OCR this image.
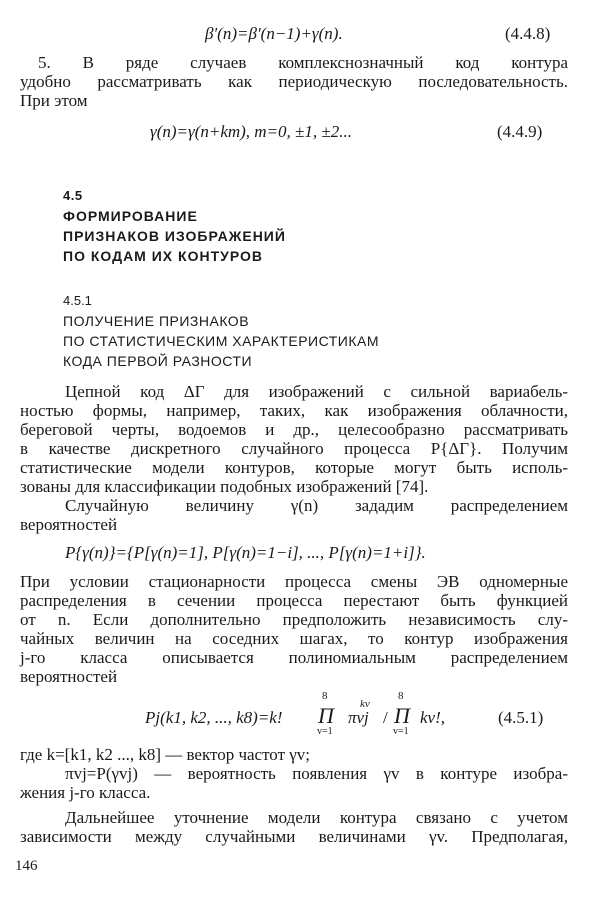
β′(n)=β′(n−1)+γ(n).	(4.4.8)
5. В ряде случаев комплекснозначный код контура
удобно рассматривать как периодическую последовательность.
При этом
γ(n)=γ(n+km), m=0, ±1, ±2...	(4.4.9)
4.5
ФОРМИРОВАНИЕ
ПРИЗНАКОВ ИЗОБРАЖЕНИЙ
ПО КОДАМ ИХ КОНТУРОВ
4.5.1
ПОЛУЧЕНИЕ ПРИЗНАКОВ
ПО СТАТИСТИЧЕСКИМ ХАРАКТЕРИСТИКАМ
КОДА ПЕРВОЙ РАЗНОСТИ
Цепной код ΔΓ для изображений с сильной вариабель-
ностью формы, например, таких, как изображения облачности,
береговой черты, водоемов и др., целесообразно рассматривать
в качестве дискретного случайного процесса P{ΔΓ}. Получим
статистические модели контуров, которые могут быть исполь-
зованы для классификации подобных изображений [74].
Случайную величину γ(n) зададим распределением
вероятностей
P{γ(n)}={P[γ(n)=1], P[γ(n)=1−i], ..., P[γ(n)=1+i]}.
При условии стационарности процесса смены ЭВ одномерные
распределения в сечении процесса перестают быть функцией
от n. Если дополнительно предположить независимость слу-
чайных величин на соседних шагах, то контур изображения
j-го класса описывается полиномиальным распределением
вероятностей
Pj(k1, k2, ..., k8)=k!
8
Π
v=1
πvj
kv
/
8
Π
v=1
kv!,	(4.5.1)
где k=[k1, k2 ..., k8] — вектор частот γv;
πvj=P(γvj) — вероятность появления γv в контуре изобра-
жения j-го класса.
Дальнейшее уточнение модели контура связано с учетом
зависимости между случайными величинами γv. Предполагая,
146
